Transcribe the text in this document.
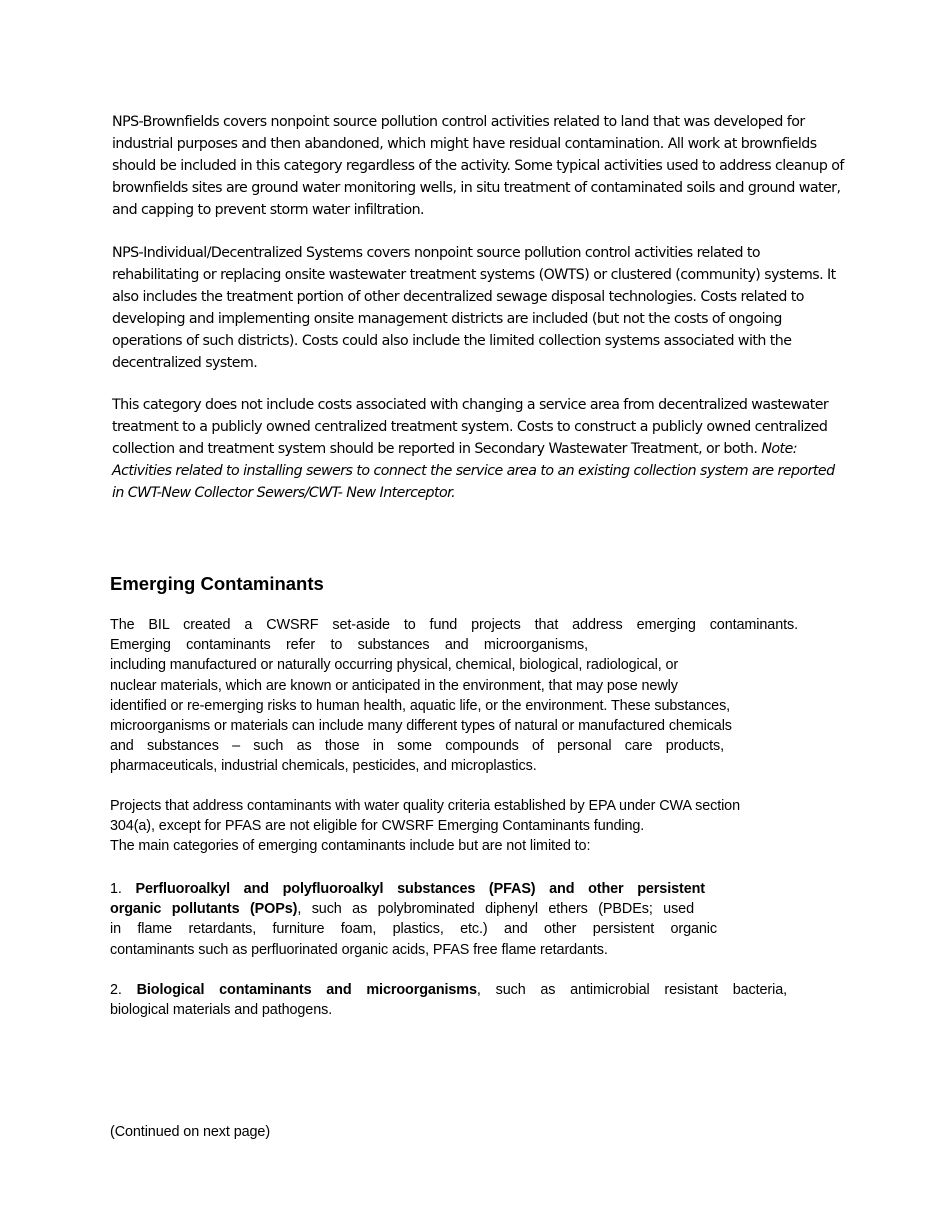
NPS-Brownfields covers nonpoint source pollution control activities related to land that was developed for industrial purposes and then abandoned, which might have residual contamination. All work at brownfields should be included in this category regardless of the activity. Some typical activities used to address cleanup of brownfields sites are ground water monitoring wells, in situ treatment of contaminated soils and ground water, and capping to prevent storm water infiltration.

NPS-Individual/Decentralized Systems covers nonpoint source pollution control activities related to rehabilitating or replacing onsite wastewater treatment systems (OWTS) or clustered (community) systems. It also includes the treatment portion of other decentralized sewage disposal technologies. Costs related to developing and implementing onsite management districts are included (but not the costs of ongoing operations of such districts). Costs could also include the limited collection systems associated with the decentralized system.

This category does not include costs associated with changing a service area from decentralized wastewater treatment to a publicly owned centralized treatment system. Costs to construct a publicly owned centralized collection and treatment system should be reported in Secondary Wastewater Treatment, or both. Note: Activities related to installing sewers to connect the service area to an existing collection system are reported in CWT-New Collector Sewers/CWT- New Interceptor.

Emerging Contaminants
The BIL created a CWSRF set-aside to fund projects that address emerging contaminants.
Emerging contaminants refer to substances and microorganisms,
including manufactured or naturally occurring physical, chemical, biological, radiological, or
nuclear materials, which are known or anticipated in the environment, that may pose newly
identified or re-emerging risks to human health, aquatic life, or the environment. These substances,
microorganisms or materials can include many different types of natural or manufactured chemicals
and substances – such as those in some compounds of personal care products,
pharmaceuticals, industrial chemicals, pesticides, and microplastics.
Projects that address contaminants with water quality criteria established by EPA under CWA section
304(a), except for PFAS are not eligible for CWSRF Emerging Contaminants funding.
The main categories of emerging contaminants include but are not limited to:
1. Perfluoroalkyl and polyfluoroalkyl substances (PFAS) and other persistent
organic pollutants (POPs), such as polybrominated diphenyl ethers (PBDEs; used
in flame retardants, furniture foam, plastics, etc.) and other persistent organic
contaminants such as perfluorinated organic acids, PFAS free flame retardants.
2. Biological contaminants and microorganisms, such as antimicrobial resistant bacteria,
biological materials and pathogens.
(Continued on next page)
